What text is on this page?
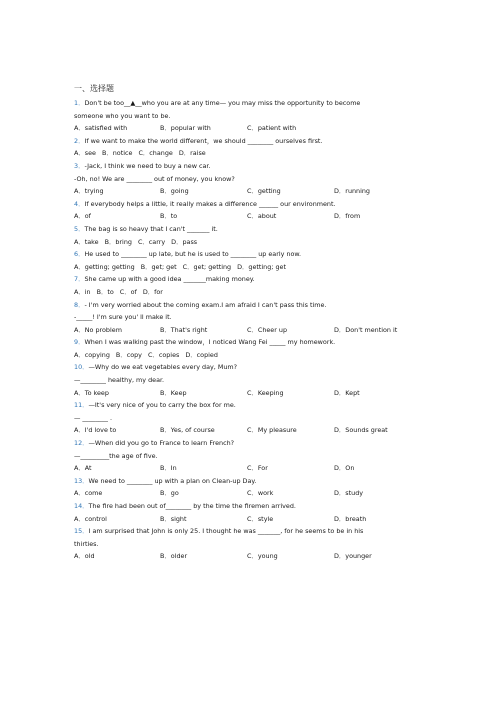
一、选择题
1．Don't be too__▲__who you are at any time— you may miss the opportunity to become
someone who you want to be.
A．satisfied with	B．popular with	C．patient with
2．If we want to make the world different，we should ________ ourselves first.
A．see B．notice C．change D．raise
3．-Jack, I think we need to buy a new car.
-Oh, no! We are ________ out of money, you know?
A．trying	B．going	C．getting	D．running
4．If everybody helps a little, it really makes a difference ______ our environment.
A．of	B．to	C．about	D．from
5．The bag is so heavy that I can't _______ it.
A．take B．bring C．carry D．pass
6．He used to ________ up late, but he is used to ________ up early now.
A．getting; getting B．get; get C．get; getting D．getting; get
7．She came up with a good idea _______making money.
A．in B．to C．of D．for
8．- I'm very worried about the coming exam.I am afraid I can't pass this time.
-_____! I'm sure you' ll make it.
A．No problem	B．That's right	C．Cheer up	D．Don't mention it
9．When I was walking past the window，I noticed Wang Fei _____ my homework.
A．copying B．copy C．copies D．copied
10．—Why do we eat vegetables every day, Mum?
—________ healthy, my dear.
A．To keep	B．Keep	C．Keeping	D．Kept
11．—It's very nice of you to carry the box for me.
— ________ .
A．I'd love to	B．Yes, of course	C．My pleasure	D．Sounds great
12．—When did you go to France to learn French?
—_________the age of five.
A．At	B．In	C．For	D．On
13．We need to ________ up with a plan on Clean-up Day.
A．come	B．go	C．work	D．study
14．The fire had been out of________ by the time the firemen arrived.
A．control	B．sight	C．style	D．breath
15．I am surprised that John is only 25. I thought he was _______, for he seems to be in his
thirties.
A．old	B．older	C．young	D．younger
